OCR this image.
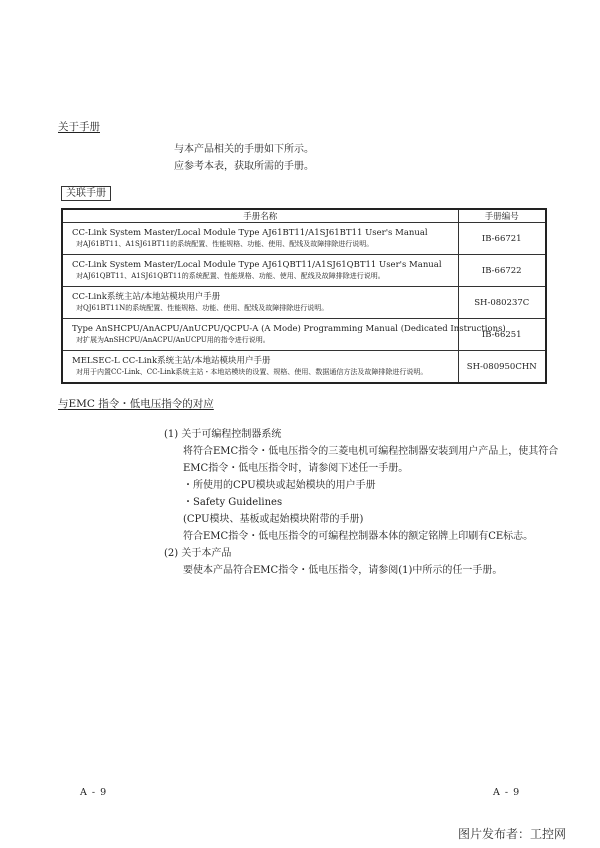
关于手册
与本产品相关的手册如下所示。
应参考本表，获取所需的手册。
关联手册
手册名称	手册编号

CC-Link System Master/Local Module Type AJ61BT11/A1SJ61BT11 User's Manual
对AJ61BT11、A1SJ61BT11的系统配置、性能规格、功能、使用、配线及故障排除进行说明。	IB-66721

CC-Link System Master/Local Module Type AJ61QBT11/A1SJ61QBT11 User's Manual
对AJ61QBT11、A1SJ61QBT11的系统配置、性能规格、功能、使用、配线及故障排除进行说明。	IB-66722

CC-Link系统主站/本地站模块用户手册
对QJ61BT11N的系统配置、性能规格、功能、使用、配线及故障排除进行说明。	SH-080237C

Type AnSHCPU/AnACPU/AnUCPU/QCPU-A (A Mode) Programming Manual (Dedicated Instructions)
对扩展为AnSHCPU/AnACPU/AnUCPU用的指令进行说明。	IB-66251

MELSEC-L CC-Link系统主站/本地站模块用户手册
对用于内置CC-Link、CC-Link系统主站・本地站模块的设置、规格、使用、数据通信方法及故障排除进行说明。	SH-080950CHN
与EMC 指令・低电压指令的对应
(1) 关于可编程控制器系统
将符合EMC指令・低电压指令的三菱电机可编程控制器安装到用户产品上，使其符合
EMC指令・低电压指令时，请参阅下述任一手册。
・所使用的CPU模块或起始模块的用户手册
・Safety Guidelines
(CPU模块、基板或起始模块附带的手册)
符合EMC指令・低电压指令的可编程控制器本体的额定铭牌上印刷有CE标志。
(2) 关于本产品
要使本产品符合EMC指令・低电压指令，请参阅(1)中所示的任一手册。
A - 9	A - 9
图片发布者：工控网
